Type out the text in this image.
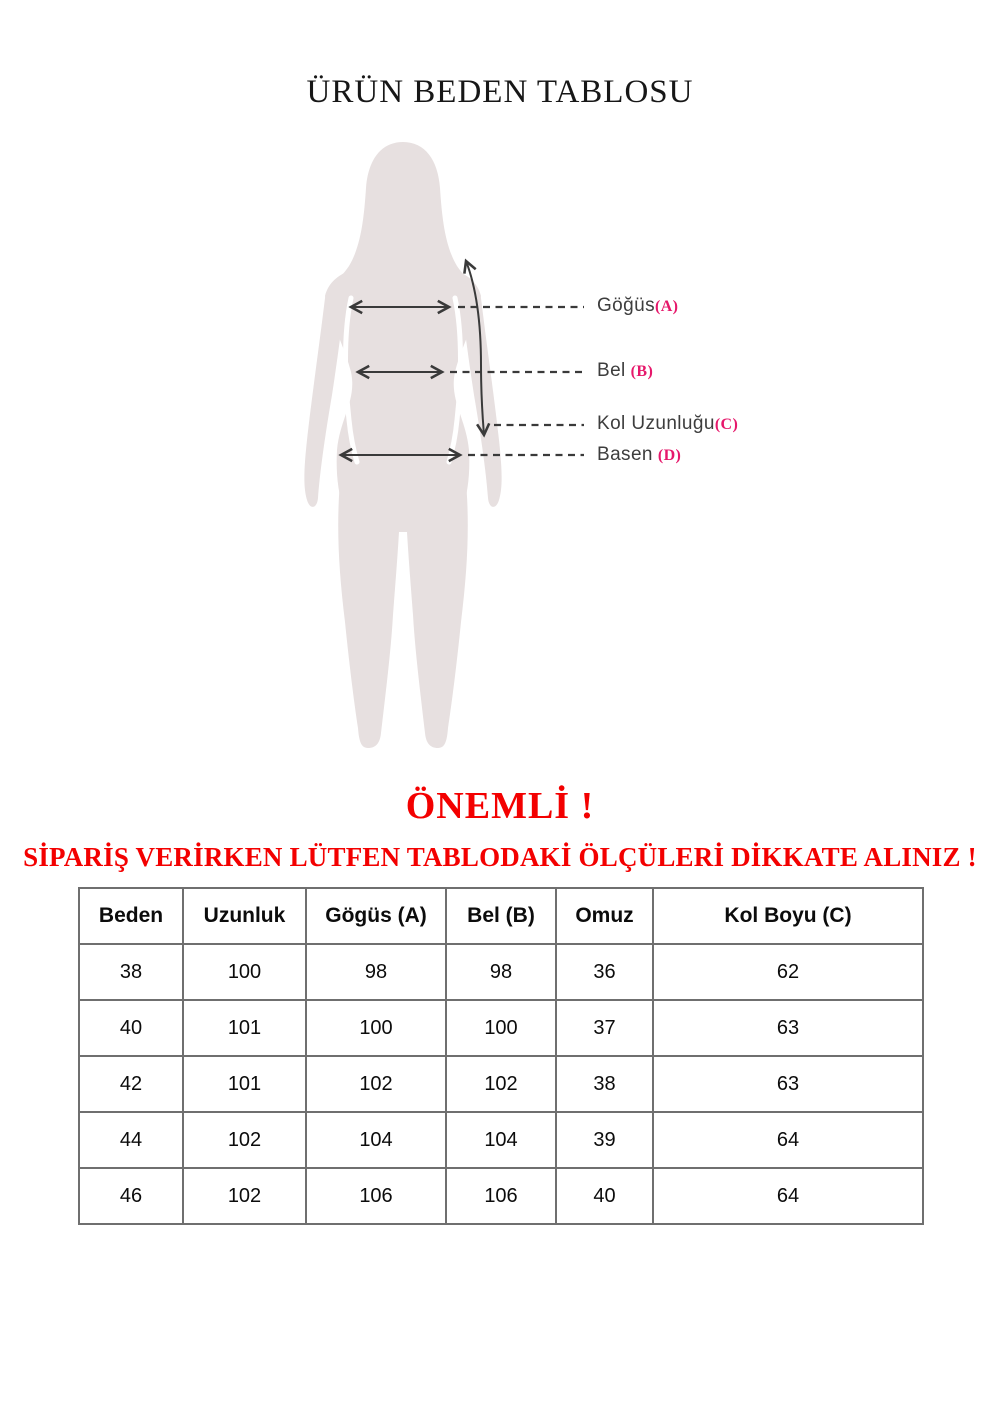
ÜRÜN BEDEN TABLOSU
Göğüs(A)
Bel (B)
Kol Uzunluğu(C)
Basen (D)
ÖNEMLİ !
SİPARİŞ VERİRKEN LÜTFEN TABLODAKİ ÖLÇÜLERİ DİKKATE ALINIZ !
Beden	Uzunluk	Gögüs (A)	Bel (B)	Omuz	Kol Boyu (C)
38	100	98	98	36	62
40	101	100	100	37	63
42	101	102	102	38	63
44	102	104	104	39	64
46	102	106	106	40	64
